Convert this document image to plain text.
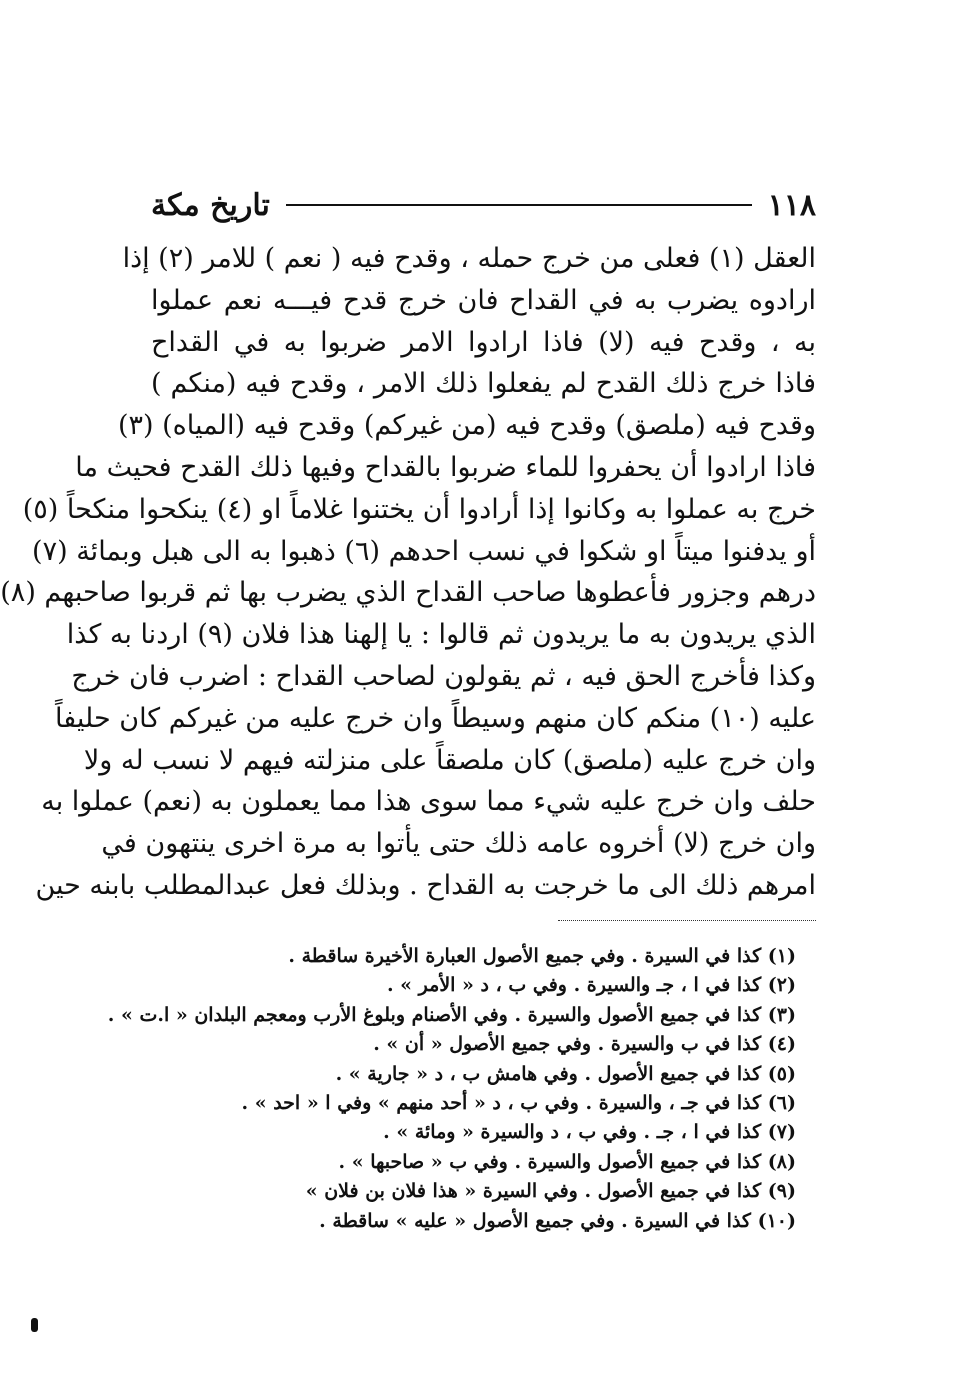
١١٨
تاريخ مكة
العقل (١) فعلى من خرج حمله ، وقدح فيه ( نعم ) للامر (٢) إذا
ارادوه يضرب به في القداح فان خرج قدح فيـــه نعم عملوا
به ، وقدح فيه (لا) فاذا ارادوا الامر ضربوا به في القداح
فاذا خرج ذلك القدح لم يفعلوا ذلك الامر ، وقدح فيه (منكم )
وقدح فيه (ملصق) وقدح فيه (من غيركم) وقدح فيه (المياه) (٣)
فاذا ارادوا أن يحفروا للماء ضربوا بالقداح وفيها ذلك القدح فحيث ما
خرج به عملوا به وكانوا إذا أرادوا أن يختنوا غلاماً او (٤) ينكحوا منكحاً (٥)
أو يدفنوا ميتاً او شكوا في نسب احدهم (٦) ذهبوا به الى هبل وبمائة (٧)
درهم وجزور فأعطوها صاحب القداح الذي يضرب بها ثم قربوا صاحبهم (٨)
الذي يريدون به ما يريدون ثم قالوا : يا إلهنا هذا فلان (٩) اردنا به كذا
وكذا فأخرج الحق فيه ، ثم يقولون لصاحب القداح : اضرب فان خرج
عليه (١٠) منكم كان منهم وسيطاً وان خرج عليه من غيركم كان حليفاً
وان خرج عليه (ملصق) كان ملصقاً على منزلته فيهم لا نسب له ولا
حلف وان خرج عليه شيء مما سوى هذا مما يعملون به (نعم) عملوا به
وان خرج (لا) أخروه عامه ذلك حتى يأتوا به مرة اخرى ينتهون في
امرهم ذلك الى ما خرجت به القداح . وبذلك فعل عبدالمطلب بابنه حين
(١) كذا في السيرة . وفي جميع الأصول العبارة الأخيرة ساقطة .
(٢) كذا في ا ، جـ والسيرة . وفي ب ، د « الأمر » .
(٣) كذا في جميع الأصول والسيرة . وفي الأصنام وبلوغ الأرب ومعجم البلدان « ا.ت » .
(٤) كذا في ب والسيرة . وفي جميع الأصول « أن » .
(٥) كذا في جميع الأصول . وفي هامش ب ، د « جارية » .
(٦) كذا في جـ ، والسيرة . وفي ب ، د « أحد منهم » وفي ا « احد » .
(٧) كذا في ا ، جـ . وفي ب ، د والسيرة « ومائة » .
(٨) كذا في جميع الأصول والسيرة . وفي ب « صاحبها » .
(٩) كذا في جميع الأصول . وفي السيرة « هذا فلان بن فلان »
(١٠) كذا في السيرة . وفي جميع الأصول « عليه » ساقطة .
